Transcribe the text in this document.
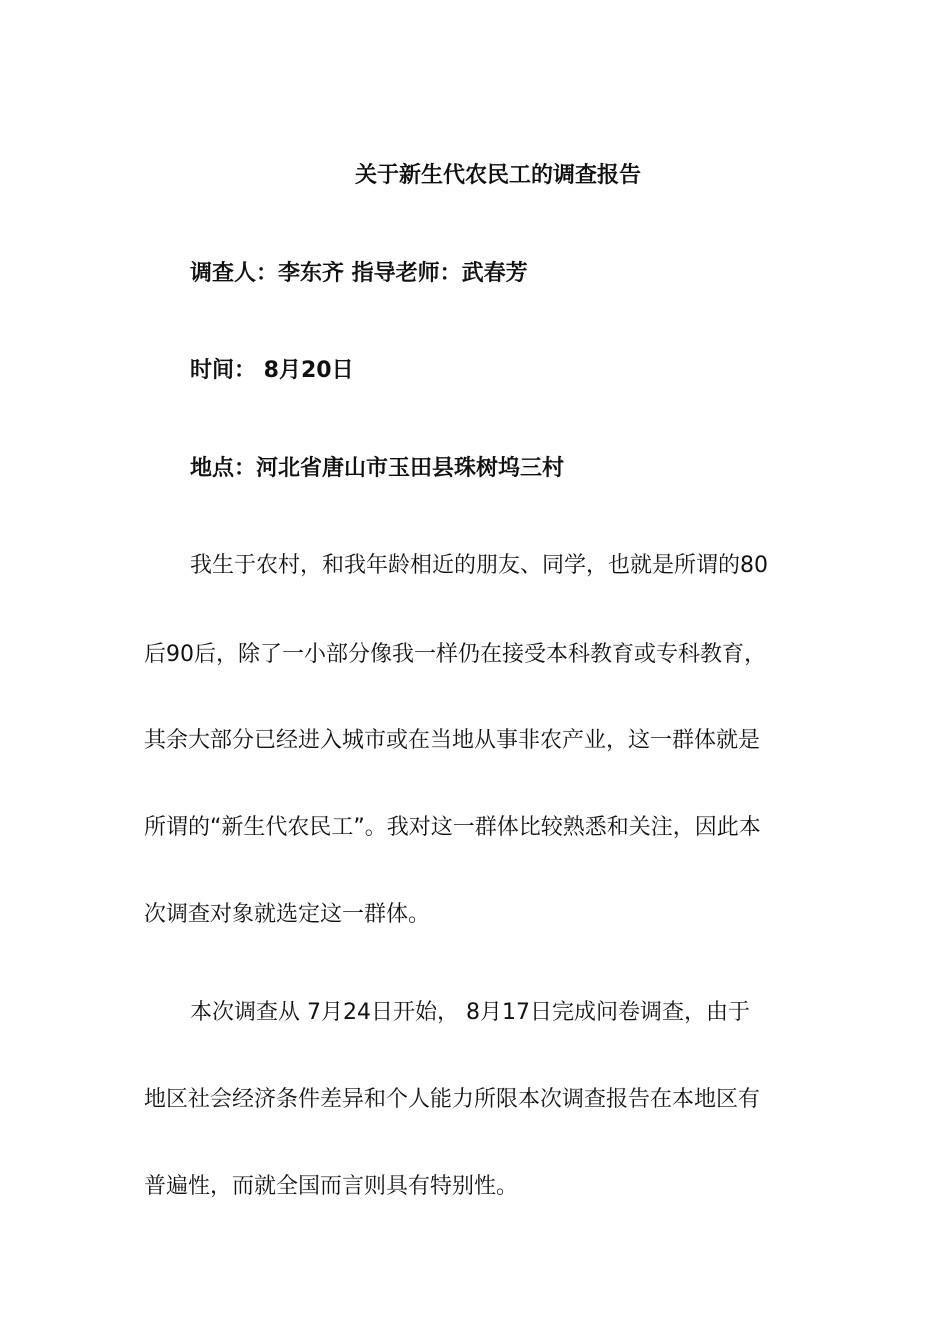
关于新生代农民工的调查报告
调查人：李东齐 指导老师：武春芳
时间： 8月20日
地点：河北省唐山市玉田县珠树坞三村
我生于农村，和我年龄相近的朋友、同学，也就是所谓的80
后90后，除了一小部分像我一样仍在接受本科教育或专科教育，
其余大部分已经进入城市或在当地从事非农产业，这一群体就是
所谓的“新生代农民工”。我对这一群体比较熟悉和关注，因此本
次调查对象就选定这一群体。
本次调查从 7月24日开始， 8月17日完成问卷调查，由于
地区社会经济条件差异和个人能力所限本次调查报告在本地区有
普遍性，而就全国而言则具有特别性。
